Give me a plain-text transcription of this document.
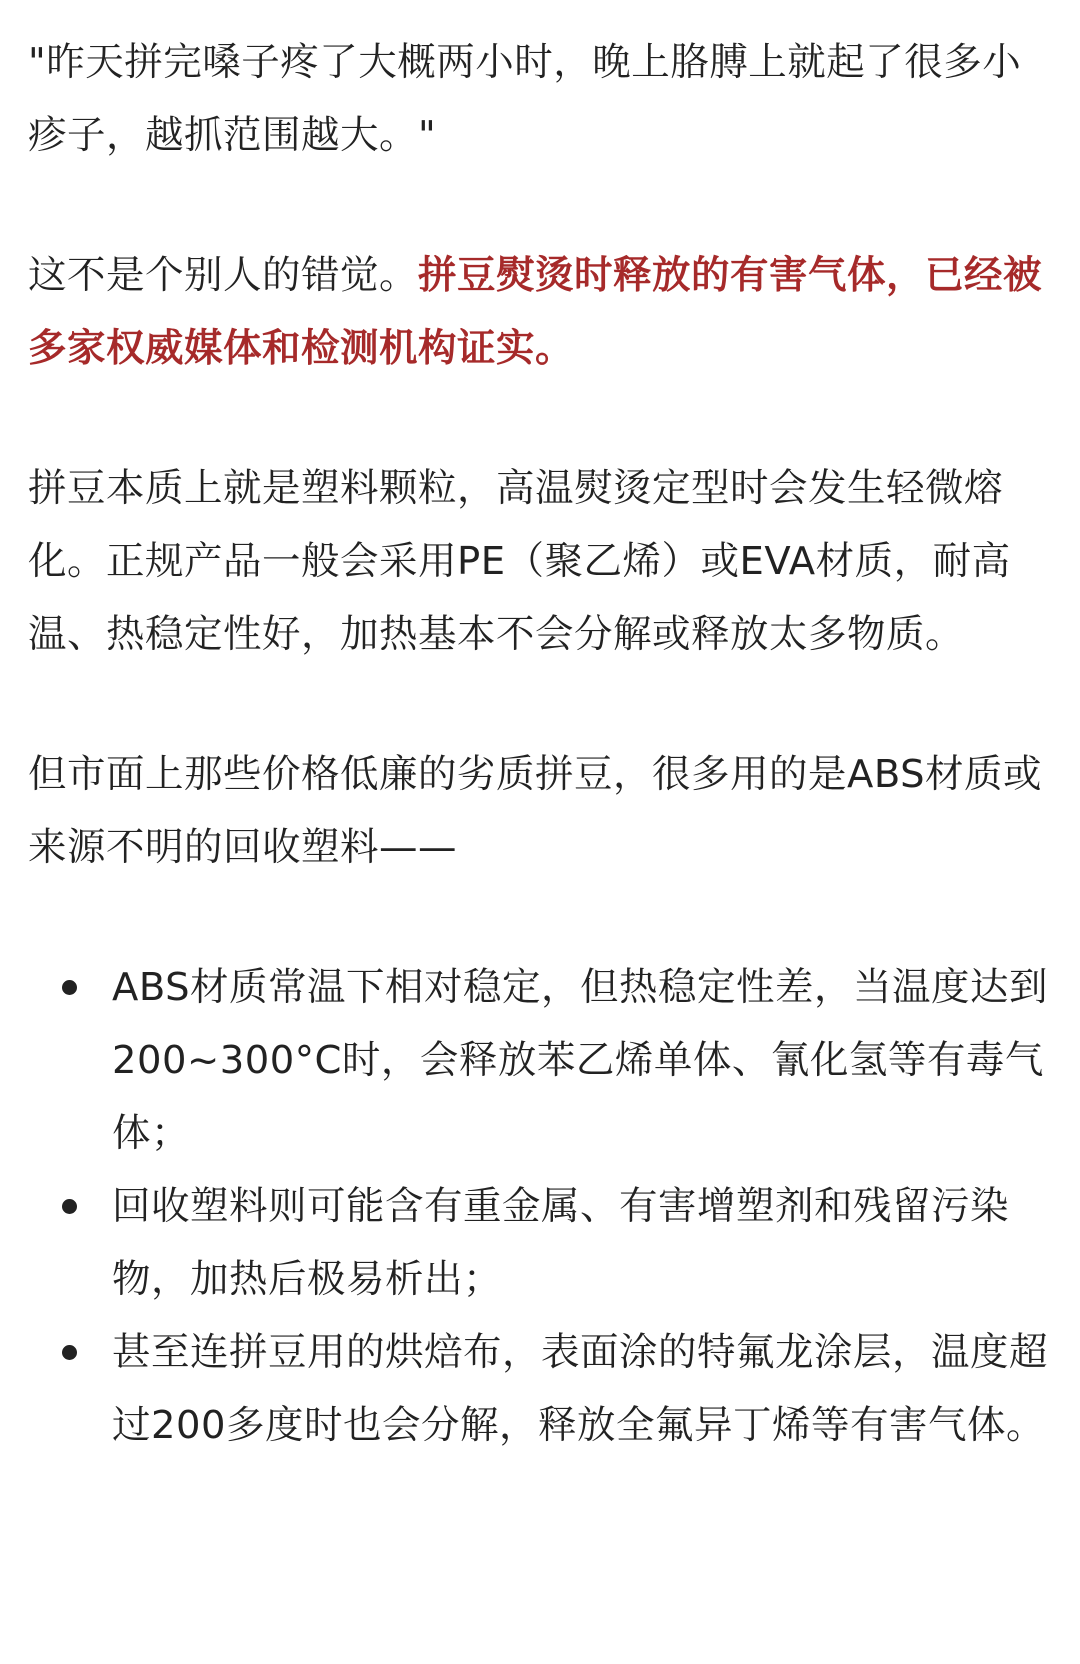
"昨天拼完嗓子疼了大概两小时，晚上胳膊上就起了很多小疹子，越抓范围越大。"

这不是个别人的错觉。拼豆熨烫时释放的有害气体，已经被多家权威媒体和检测机构证实。

拼豆本质上就是塑料颗粒，高温熨烫定型时会发生轻微熔化。正规产品一般会采用PE（聚乙烯）或EVA材质，耐高温、热稳定性好，加热基本不会分解或释放太多物质。

但市面上那些价格低廉的劣质拼豆，很多用的是ABS材质或来源不明的回收塑料——

ABS材质常温下相对稳定，但热稳定性差，当温度达到200~300°C时，会释放苯乙烯单体、氰化氢等有毒气体；
回收塑料则可能含有重金属、有害增塑剂和残留污染物，加热后极易析出；
甚至连拼豆用的烘焙布，表面涂的特氟龙涂层，温度超过200多度时也会分解，释放全氟异丁烯等有害气体。
